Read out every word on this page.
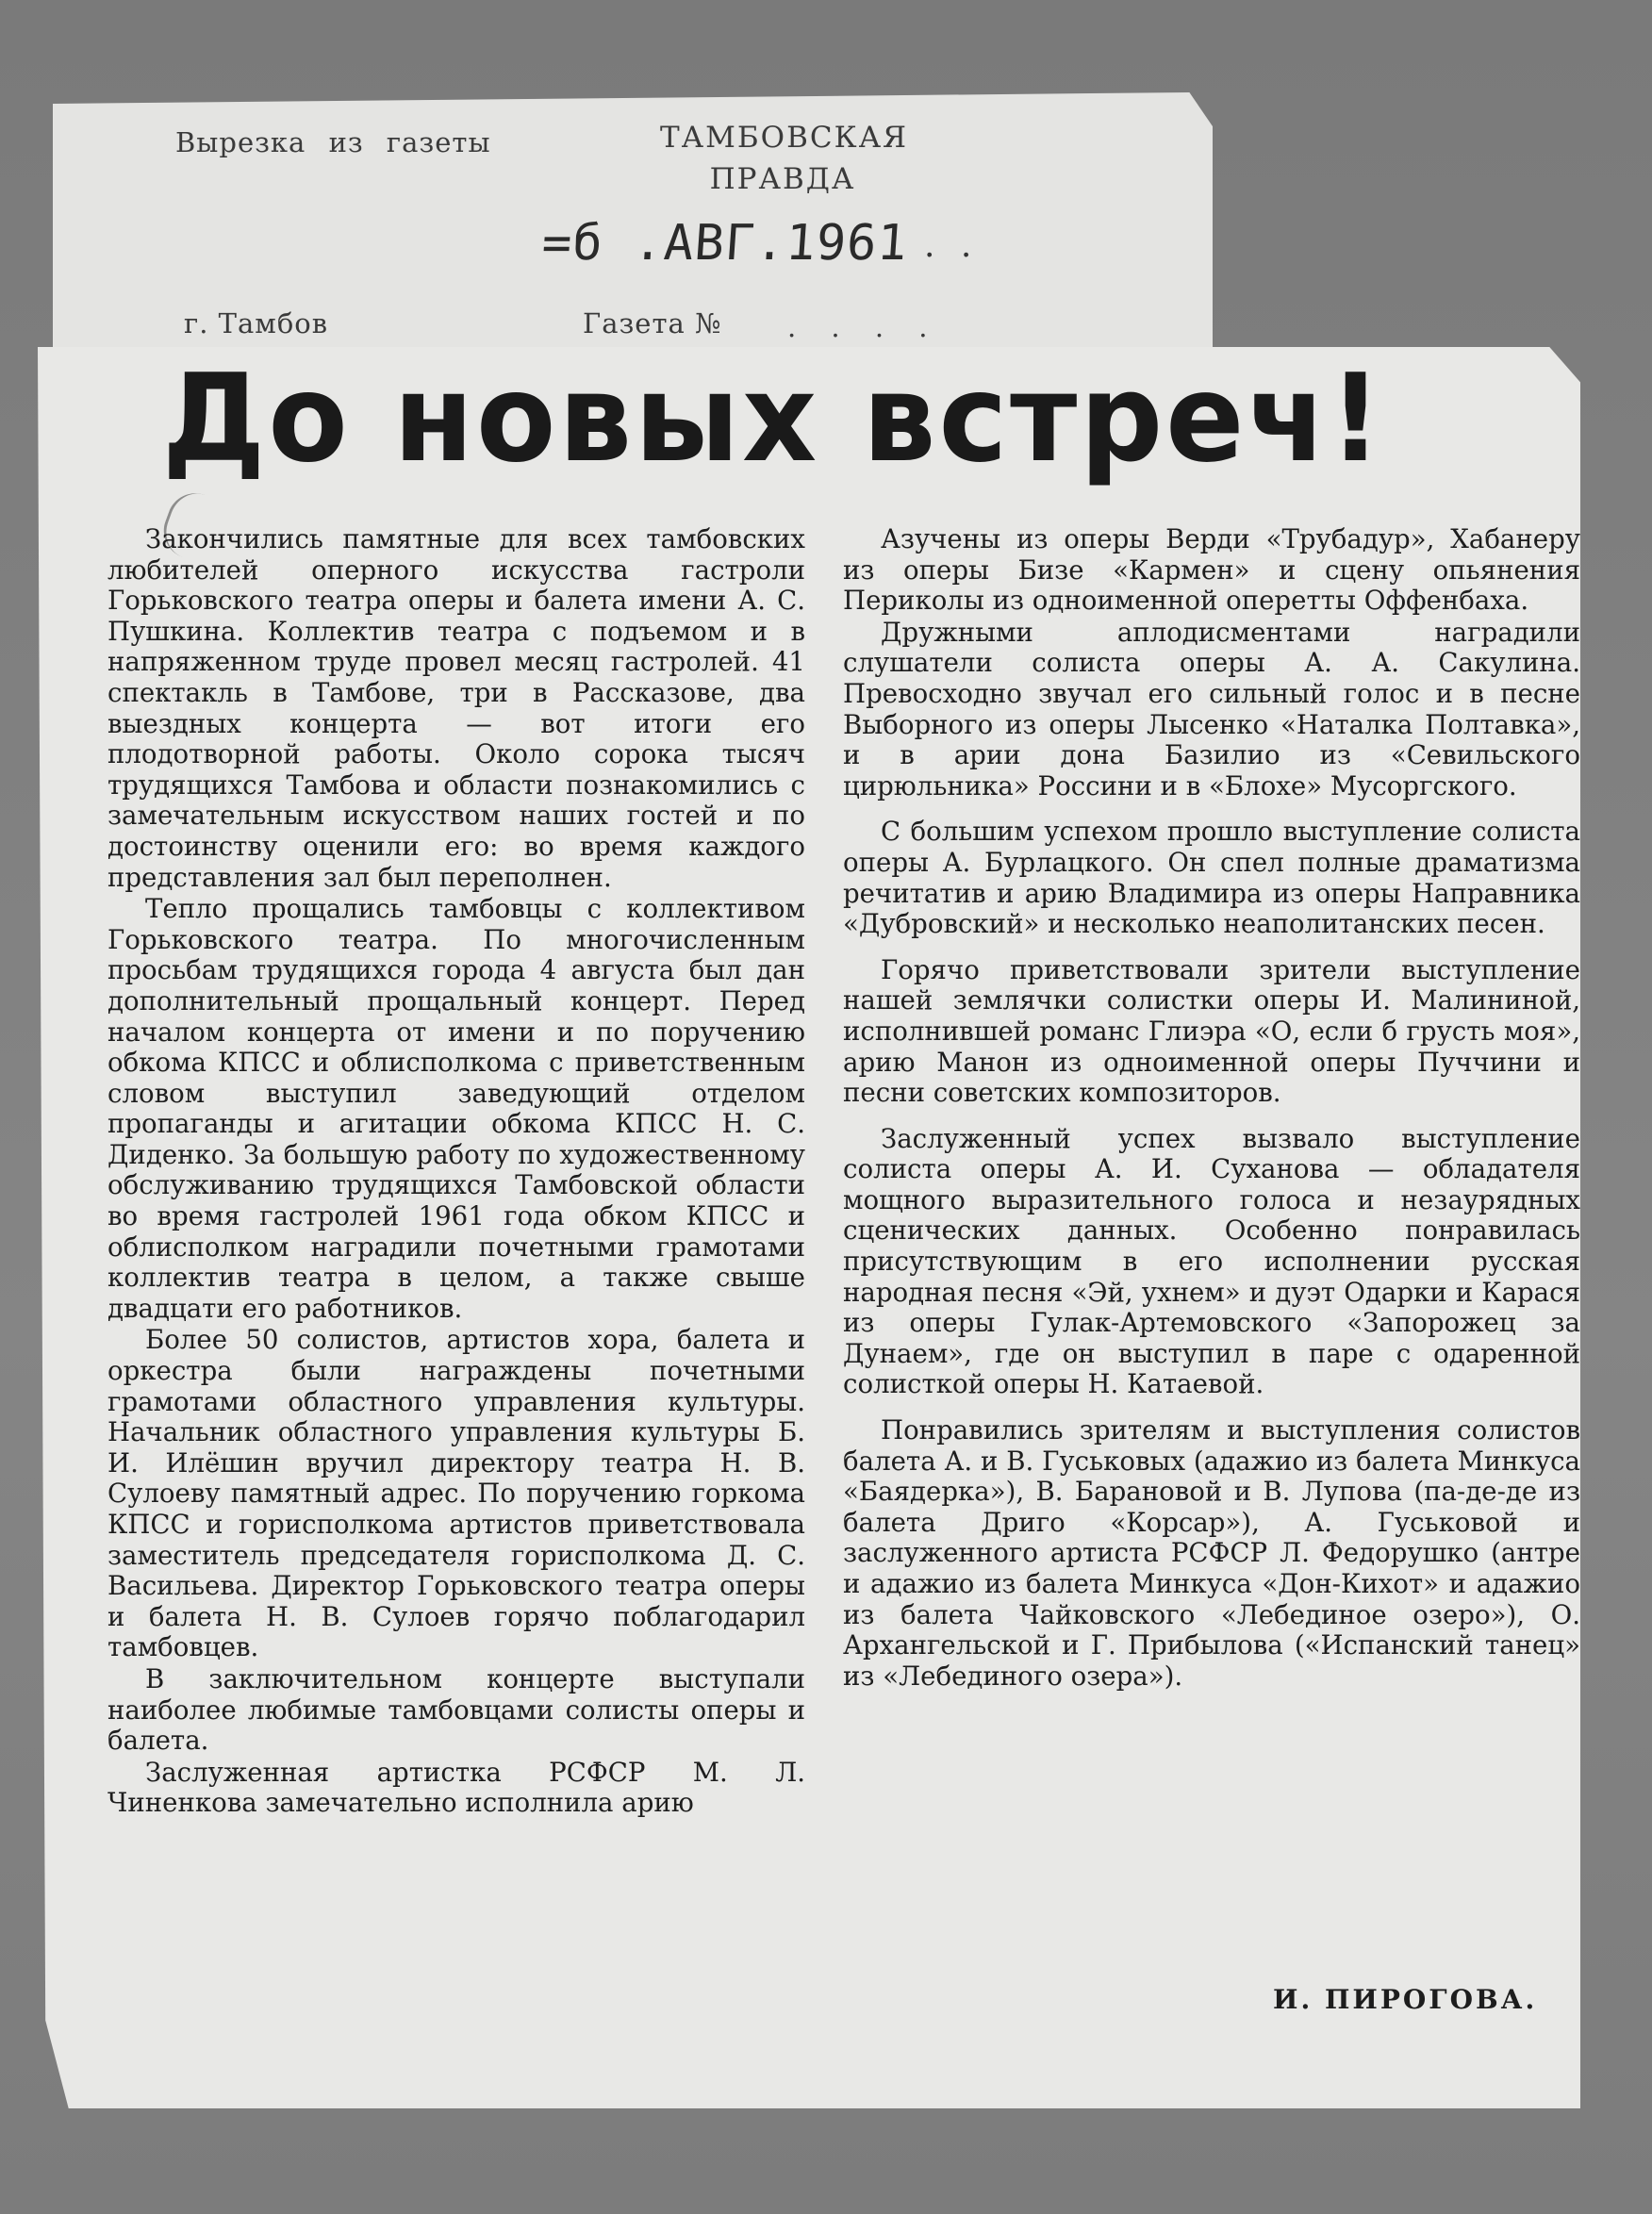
Вырезка из газеты	ТАМБОВСКАЯ ПРАВДА
=б .АВГ.1961 . .
г. Тамбов	Газета № . . . .
До новых встреч!

Закончились памятные для всех тамбовских любителей оперного искусства гастроли Горьковского театра оперы и балета имени А. С. Пушкина. Коллектив театра с подъемом и в напряженном труде провел месяц гастролей. 41 спектакль в Тамбове, три в Рассказове, два выездных концерта — вот итоги его плодотворной работы. Около сорока тысяч трудящихся Тамбова и области познакомились с замечательным искусством наших гостей и по достоинству оценили его: во время каждого представления зал был переполнен.

Тепло прощались тамбовцы с коллективом Горьковского театра. По многочисленным просьбам трудящихся города 4 августа был дан дополнительный прощальный концерт. Перед началом концерта от имени и по поручению обкома КПСС и облисполкома с приветственным словом выступил заведующий отделом пропаганды и агитации обкома КПСС Н. С. Диденко. За большую работу по художественному обслуживанию трудящихся Тамбовской области во время гастролей 1961 года обком КПСС и облисполком наградили почетными грамотами коллектив театра в целом, а также свыше двадцати его работников.

Более 50 солистов, артистов хора, балета и оркестра были награждены почетными грамотами областного управления культуры. Начальник областного управления культуры Б. И. Илёшин вручил директору театра Н. В. Сулоеву памятный адрес. По поручению горкома КПСС и горисполкома артистов приветствовала заместитель председателя горисполкома Д. С. Васильева. Директор Горьковского театра оперы и балета Н. В. Сулоев горячо поблагодарил тамбовцев.

В заключительном концерте выступали наиболее любимые тамбовцами солисты оперы и балета.

Заслуженная артистка РСФСР М. Л. Чиненкова замечательно исполнила арию

Азучены из оперы Верди «Трубадур», Хабанеру из оперы Бизе «Кармен» и сцену опьянения Периколы из одноименной оперетты Оффенбаха.

Дружными аплодисментами наградили слушатели солиста оперы А. А. Сакулина. Превосходно звучал его сильный голос и в песне Выборного из оперы Лысенко «Наталка Полтавка», и в арии дона Базилио из «Севильского цирюльника» Россини и в «Блохе» Мусоргского.

С большим успехом прошло выступление солиста оперы А. Бурлацкого. Он спел полные драматизма речитатив и арию Владимира из оперы Направника «Дубровский» и несколько неаполитанских песен.

Горячо приветствовали зрители выступление нашей землячки солистки оперы И. Малининой, исполнившей романс Глиэра «О, если б грусть моя», арию Манон из одноименной оперы Пуччини и песни советских композиторов.

Заслуженный успех вызвало выступление солиста оперы А. И. Суханова — обладателя мощного выразительного голоса и незаурядных сценических данных. Особенно понравилась присутствующим в его исполнении русская народная песня «Эй, ухнем» и дуэт Одарки и Карася из оперы Гулак-Артемовского «Запорожец за Дунаем», где он выступил в паре с одаренной солисткой оперы Н. Катаевой.

Понравились зрителям и выступления солистов балета А. и В. Гуськовых (адажио из балета Минкуса «Баядерка»), В. Барановой и В. Лупова (па-де-де из балета Дриго «Корсар»), А. Гуськовой и заслуженного артиста РСФСР Л. Федорушко (антре и адажио из балета Минкуса «Дон-Кихот» и адажио из балета Чайковского «Лебединое озеро»), О. Архангельской и Г. Прибылова («Испанский танец» из «Лебединого озера»).

И. ПИРОГОВА.
